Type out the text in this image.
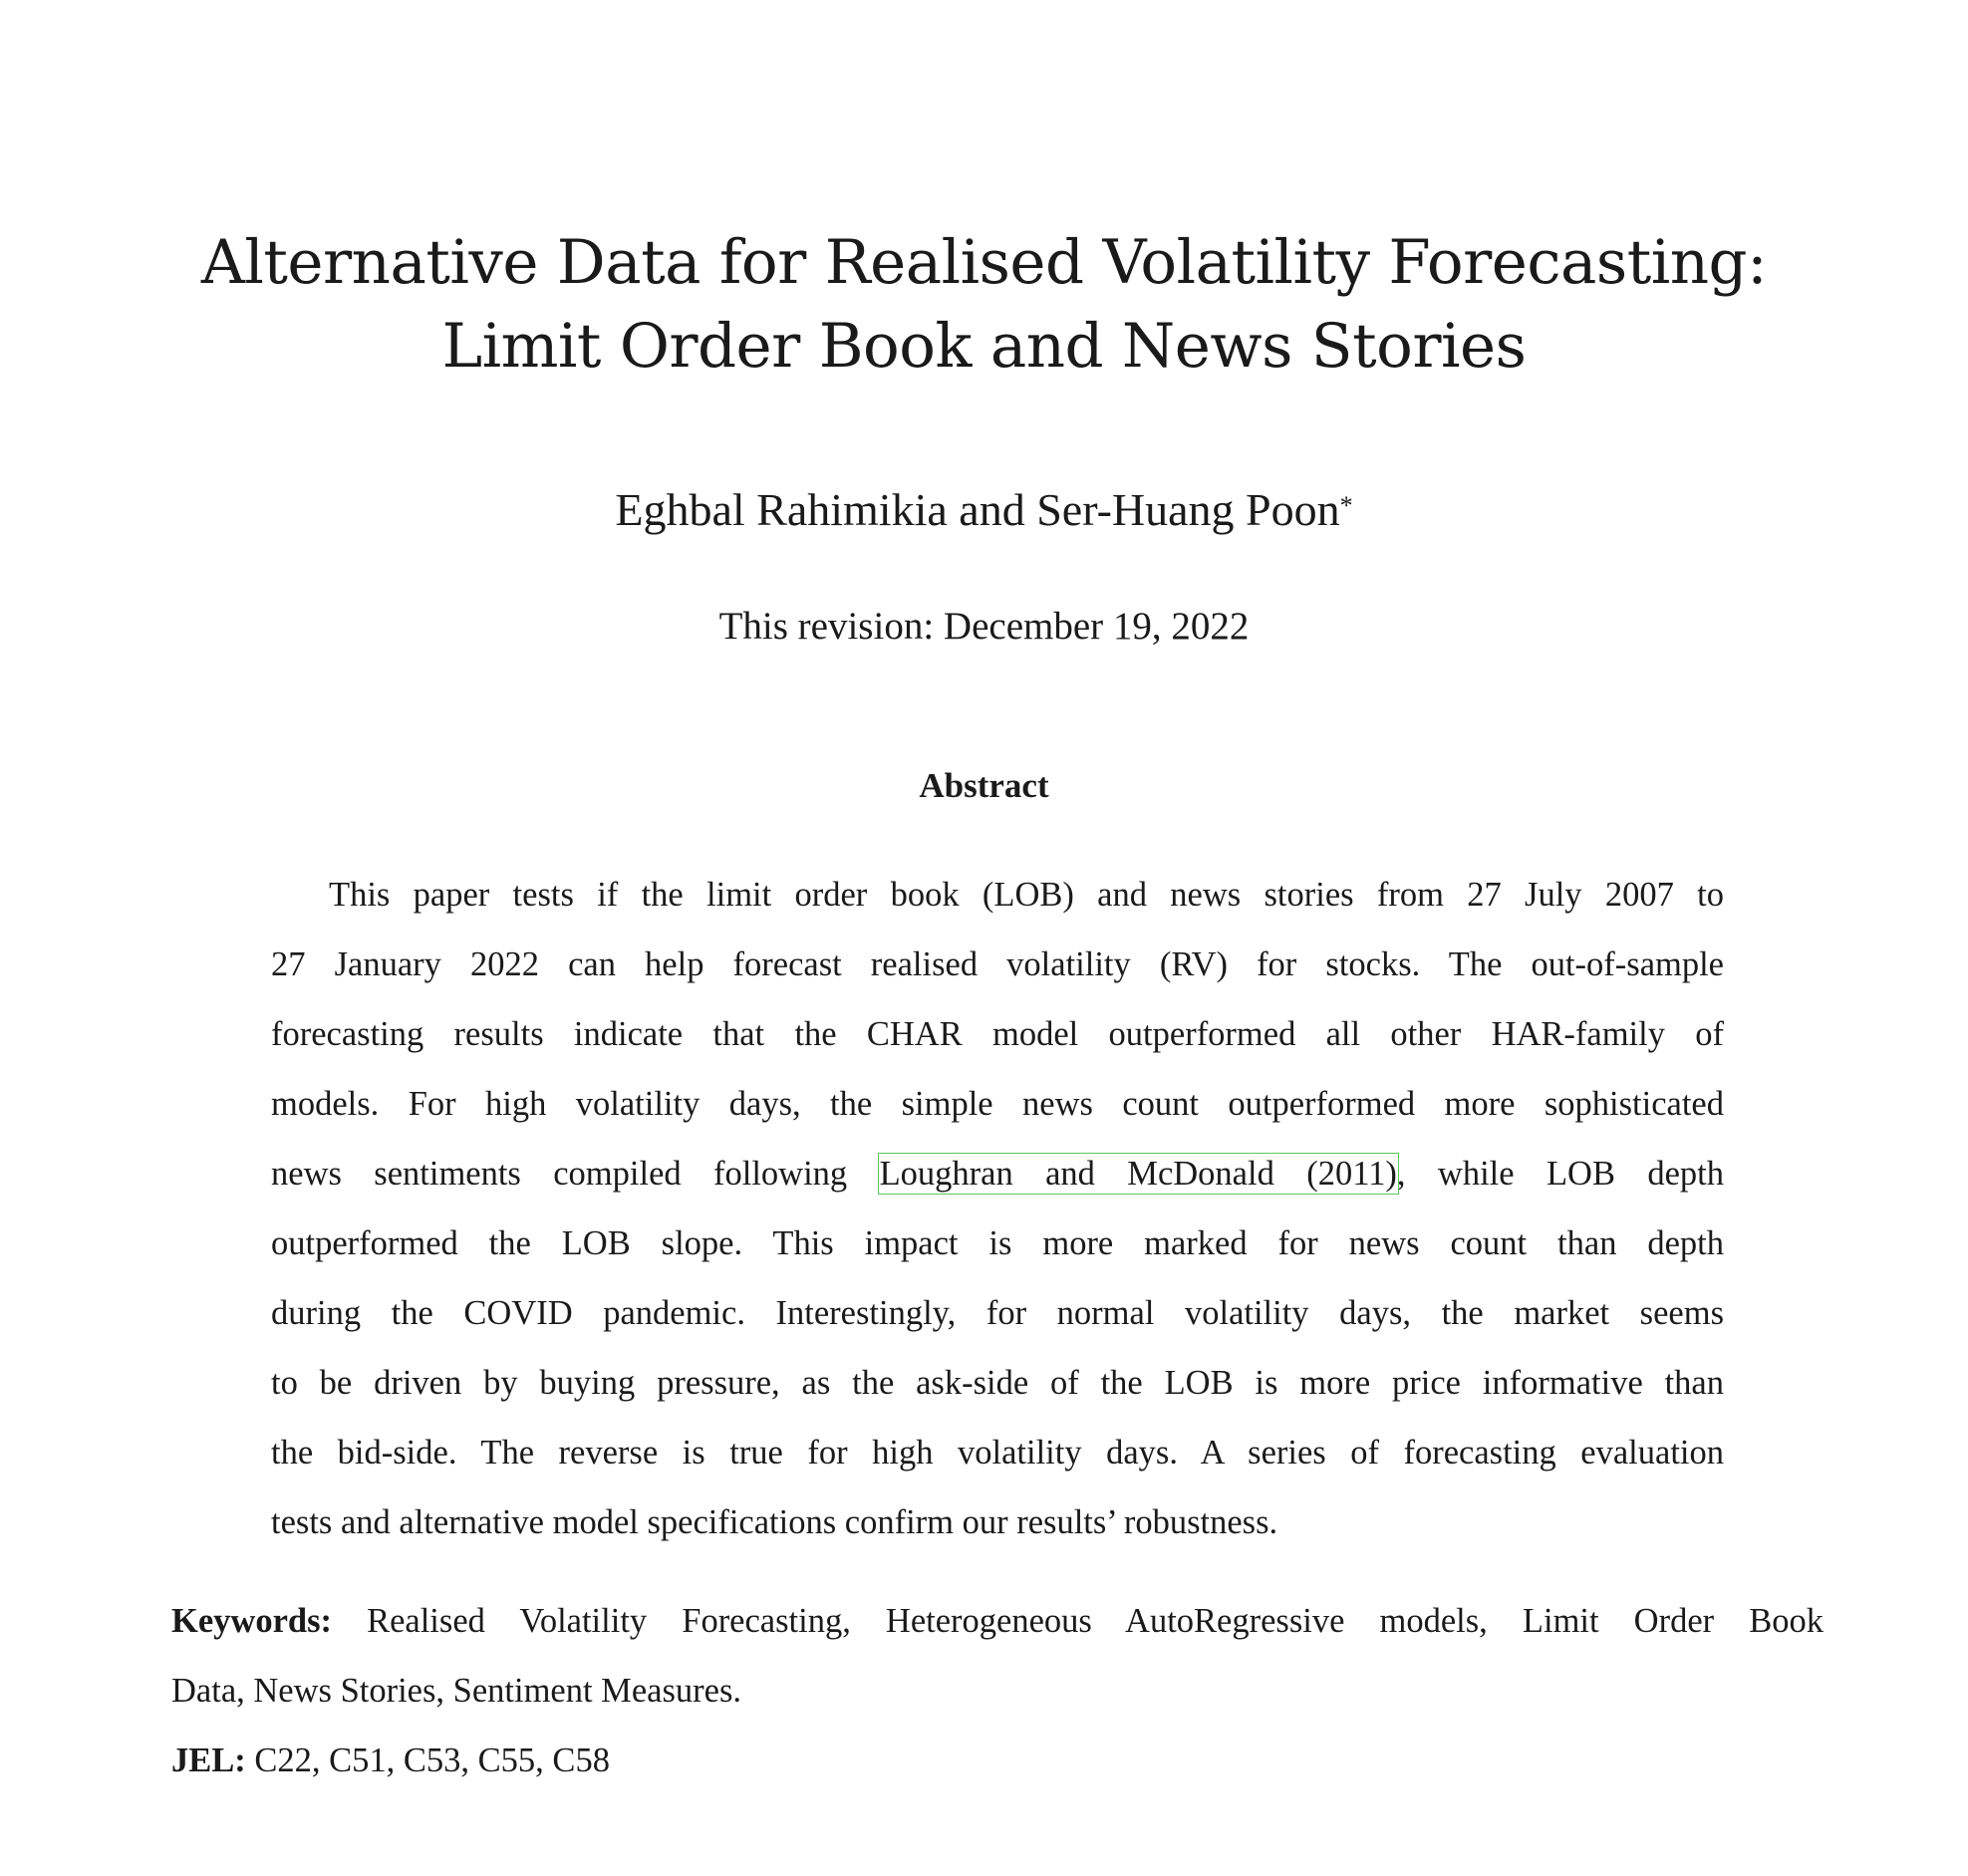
Alternative Data for Realised Volatility Forecasting:
Limit Order Book and News Stories
Eghbal Rahimikia and Ser-Huang Poon*
This revision: December 19, 2022
Abstract
This paper tests if the limit order book (LOB) and news stories from 27 July 2007 to
27 January 2022 can help forecast realised volatility (RV) for stocks. The out-of-sample
forecasting results indicate that the CHAR model outperformed all other HAR-family of
models. For high volatility days, the simple news count outperformed more sophisticated
news sentiments compiled following Loughran and McDonald (2011), while LOB depth
outperformed the LOB slope. This impact is more marked for news count than depth
during the COVID pandemic. Interestingly, for normal volatility days, the market seems
to be driven by buying pressure, as the ask-side of the LOB is more price informative than
the bid-side. The reverse is true for high volatility days. A series of forecasting evaluation
tests and alternative model specifications confirm our results’ robustness.
Keywords: Realised Volatility Forecasting, Heterogeneous AutoRegressive models, Limit Order Book
Data, News Stories, Sentiment Measures.
JEL: C22, C51, C53, C55, C58
